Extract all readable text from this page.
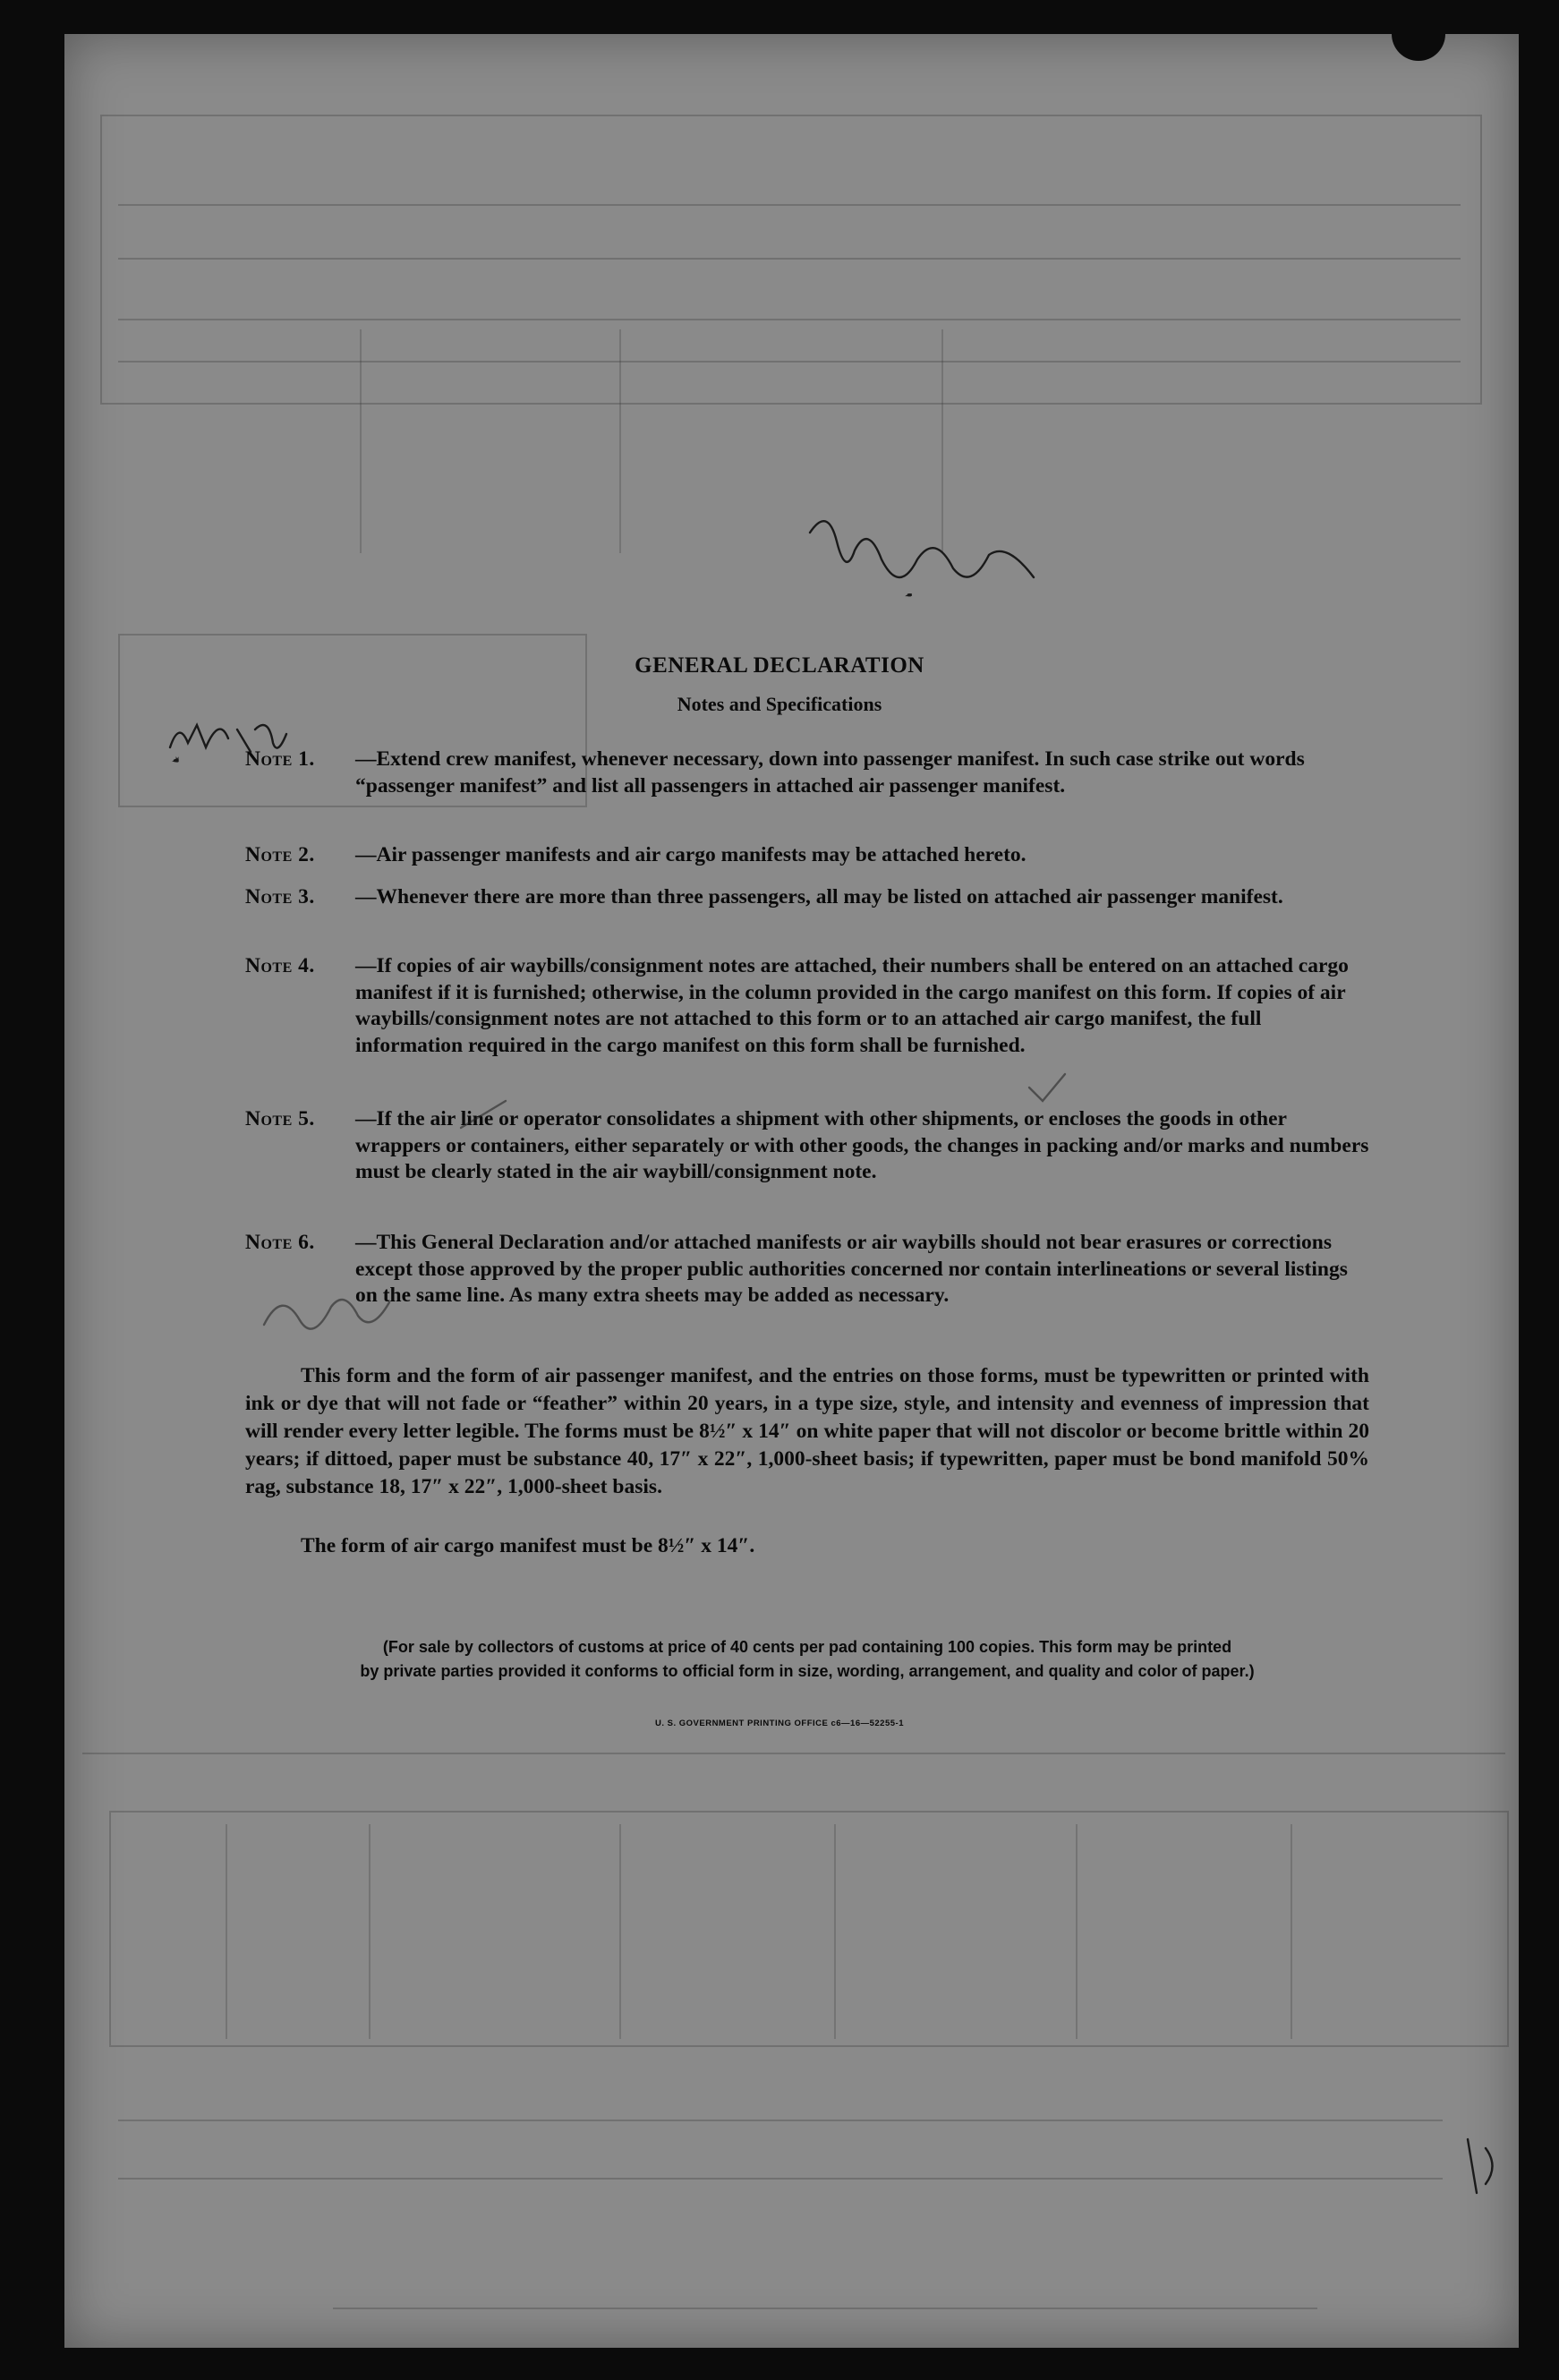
GENERAL DECLARATION
Notes and Specifications
Note 1.	—Extend crew manifest, whenever necessary, down into passenger manifest. In such case strike out words “passenger manifest” and list all passengers in attached air passenger manifest.
Note 2.	—Air passenger manifests and air cargo manifests may be attached hereto.
Note 3.	—Whenever there are more than three passengers, all may be listed on attached air passenger manifest.
Note 4.	—If copies of air waybills/consignment notes are attached, their numbers shall be entered on an attached cargo manifest if it is furnished; otherwise, in the column provided in the cargo manifest on this form. If copies of air waybills/consignment notes are not attached to this form or to an attached air cargo manifest, the full information required in the cargo manifest on this form shall be furnished.
Note 5.	—If the air line or operator consolidates a shipment with other shipments, or encloses the goods in other wrappers or containers, either separately or with other goods, the changes in packing and/or marks and numbers must be clearly stated in the air waybill/consignment note.
Note 6.	—This General Declaration and/or attached manifests or air waybills should not bear erasures or corrections except those approved by the proper public authorities concerned nor contain interlineations or several listings on the same line. As many extra sheets may be added as necessary.
This form and the form of air passenger manifest, and the entries on those forms, must be typewritten or printed with ink or dye that will not fade or “feather” within 20 years, in a type size, style, and intensity and evenness of impression that will render every letter legible. The forms must be 8½″ x 14″ on white paper that will not discolor or become brittle within 20 years; if dittoed, paper must be substance 40, 17″ x 22″, 1,000-sheet basis; if typewritten, paper must be bond manifold 50% rag, substance 18, 17″ x 22″, 1,000-sheet basis.
The form of air cargo manifest must be 8½″ x 14″.
(For sale by collectors of customs at price of 40 cents per pad containing 100 copies. This form may be printed
by private parties provided it conforms to official form in size, wording, arrangement, and quality and color of paper.)
U. S. GOVERNMENT PRINTING OFFICE c6—16—52255-1
25 lect
9:45 PM
